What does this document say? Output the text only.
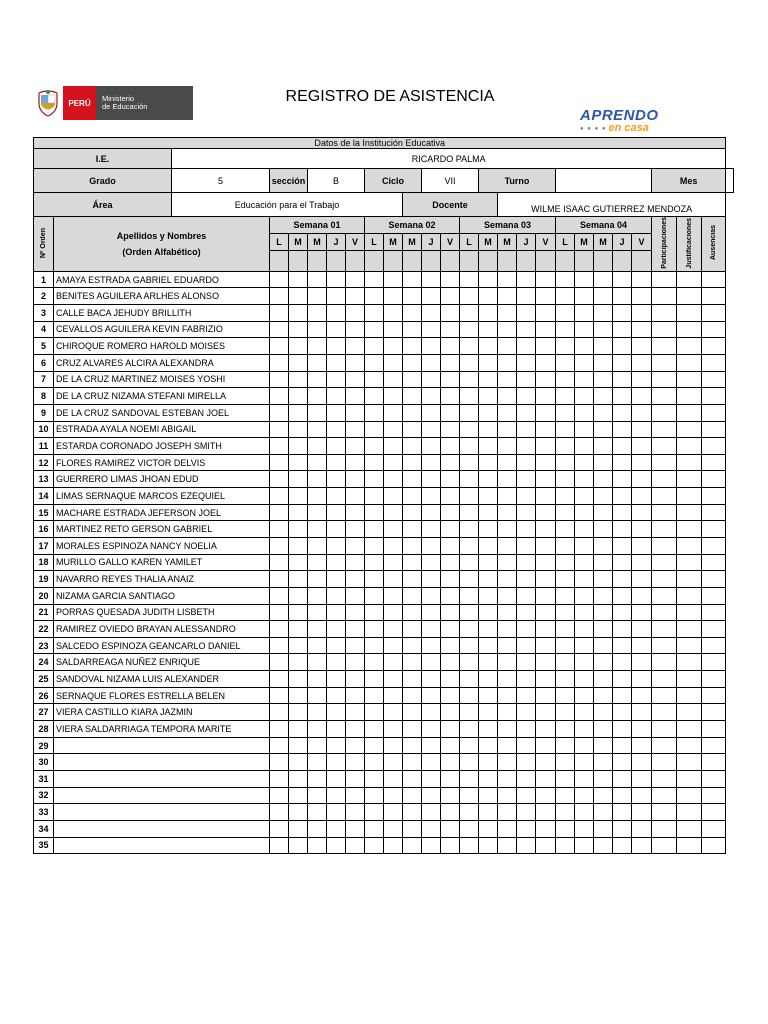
PERÚ	Ministerio
de Educación
REGISTRO DE ASISTENCIA
APRENDO
● ● ● ● en casa
Datos de la Institución Educativa																										
I.E.		RICARDO PALMA																								
Grado		5	sección		B			Ciclo			VII			Turno									Mes			
Área		Educación para el Trabajo								Docente					WILME ISAAC GUTIERREZ MENDOZA											
Nº Orden	Apellidos y Nombres
(Orden Alfabético)		Semana 01					Semana 02					Semana 03					Semana 04					Participaciones	Justificaciones	Ausencias	
			L	M	M	J	V	L	M	M	J	V	L	M	M	J	V	L	M	M	J	V				

1	AMAYA ESTRADA GABRIEL EDUARDO																									
2	BENITES AGUILERA ARLHES ALONSO																									
3	CALLE BACA JEHUDY BRILLITH																									
4	CEVALLOS AGUILERA KEVIN FABRIZIO																									
5	CHIROQUE ROMERO HAROLD MOISES																									
6	CRUZ ALVARES ALCIRA ALEXANDRA																									
7	DE LA CRUZ MARTINEZ MOISES YOSHI																									
8	DE LA CRUZ NIZAMA STEFANI MIRELLA																									
9	DE LA CRUZ SANDOVAL ESTEBAN JOEL																									
10	ESTRADA AYALA NOEMI ABIGAIL																									
11	ESTARDA CORONADO JOSEPH SMITH																									
12	FLORES RAMIREZ VICTOR DELVIS																									
13	GUERRERO LIMAS JHOAN EDUD																									
14	LIMAS SERNAQUE MARCOS EZEQUIEL																									
15	MACHARE ESTRADA JEFERSON JOEL																									
16	MARTINEZ RETO GERSON GABRIEL																									
17	MORALES ESPINOZA NANCY NOELIA																									
18	MURILLO GALLO KAREN YAMILET																									
19	NAVARRO REYES THALIA ANAIZ																									
20	NIZAMA GARCIA SANTIAGO																									
21	PORRAS QUESADA JUDITH LISBETH																									
22	RAMIREZ OVIEDO BRAYAN ALESSANDRO																									
23	SALCEDO ESPINOZA GEANCARLO DANIEL																									
24	SALDARREAGA NUÑEZ ENRIQUE																									
25	SANDOVAL NIZAMA LUIS ALEXANDER																									
26	SERNAQUE FLORES ESTRELLA BELEN																									
27	VIERA CASTILLO KIARA JAZMIN																									
28	VIERA SALDARRIAGA TEMPORA MARITE																									
29																										
30																										
31																										
32																										
33																										
34																										
35																										
